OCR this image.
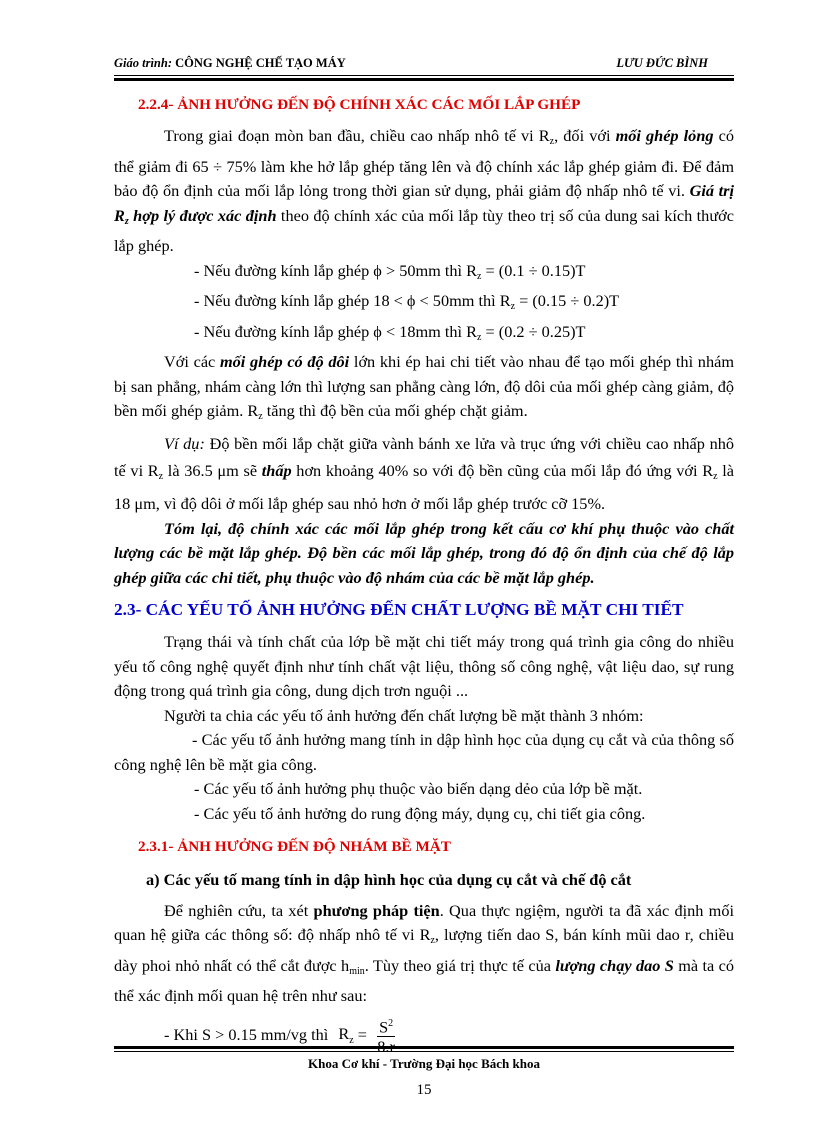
Giáo trình: CÔNG NGHỆ CHẾ TẠO MÁY	LƯU ĐỨC BÌNH
2.2.4- ẢNH HƯỞNG ĐẾN ĐỘ CHÍNH XÁC CÁC MỐI LẮP GHÉP

Trong giai đoạn mòn ban đầu, chiều cao nhấp nhô tế vi $R_z$, đối với mối ghép lỏng có thể giảm đi 65 ÷ 75% làm khe hở lắp ghép tăng lên và độ chính xác lắp ghép giảm đi. Để đảm bảo độ ổn định của mối lắp lỏng trong thời gian sử dụng, phải giảm độ nhấp nhô tế vi. Giá trị $R_z$ hợp lý được xác định theo độ chính xác của mối lắp tùy theo trị số của dung sai kích thước lắp ghép.

- Nếu đường kính lắp ghép ϕ > 50mm thì $R_z = (0.1 \div 0.15)T$

- Nếu đường kính lắp ghép 18 < ϕ < 50mm thì $R_z = (0.15 \div 0.2)T$

- Nếu đường kính lắp ghép ϕ < 18mm thì $R_z = (0.2 \div 0.25)T$

Với các mối ghép có độ dôi lớn khi ép hai chi tiết vào nhau để tạo mối ghép thì nhám bị san phẳng, nhám càng lớn thì lượng san phẳng càng lớn, độ dôi của mối ghép càng giảm, độ bền mối ghép giảm. $R_z$ tăng thì độ bền của mối ghép chặt giảm.

Ví dụ: Độ bền mối lắp chặt giữa vành bánh xe lửa và trục ứng với chiều cao nhấp nhô tế vi $R_z$ là 36.5 μm sẽ thấp hơn khoảng 40% so với độ bền cũng của mối lắp đó ứng với $R_z$ là 18 μm, vì độ dôi ở mối lắp ghép sau nhỏ hơn ở mối lắp ghép trước cỡ 15%.

Tóm lại, độ chính xác các mối lắp ghép trong kết cấu cơ khí phụ thuộc vào chất lượng các bề mặt lắp ghép. Độ bền các mối lắp ghép, trong đó độ ổn định của chế độ lắp ghép giữa các chi tiết, phụ thuộc vào độ nhám của các bề mặt lắp ghép.

2.3- CÁC YẾU TỐ ẢNH HƯỞNG ĐẾN CHẤT LƯỢNG BỀ MẶT CHI TIẾT

Trạng thái và tính chất của lớp bề mặt chi tiết máy trong quá trình gia công do nhiều yếu tố công nghệ quyết định như tính chất vật liệu, thông số công nghệ, vật liệu dao, sự rung động trong quá trình gia công, dung dịch trơn nguội ...

Người ta chia các yếu tố ảnh hưởng đến chất lượng bề mặt thành 3 nhóm:

- Các yếu tố ảnh hưởng mang tính in dập hình học của dụng cụ cắt và của thông số công nghệ lên bề mặt gia công.

- Các yếu tố ảnh hưởng phụ thuộc vào biến dạng dẻo của lớp bề mặt.

- Các yếu tố ảnh hưởng do rung động máy, dụng cụ, chi tiết gia công.

2.3.1- ẢNH HƯỞNG ĐẾN ĐỘ NHÁM BỀ MẶT

a) Các yếu tố mang tính in dập hình học của dụng cụ cắt và chế độ cắt

Để nghiên cứu, ta xét phương pháp tiện. Qua thực ngiệm, người ta đã xác định mối quan hệ giữa các thông số: độ nhấp nhô tế vi $R_z$, lượng tiến dao S, bán kính mũi dao r, chiều dày phoi nhỏ nhất có thể cắt được $h_{min}$. Tùy theo giá trị thực tế của lượng chạy dao S mà ta có thể xác định mối quan hệ trên như sau:

- Khi S > 0.15 mm/vg thì $R_z = S^2$

Khoa Cơ khí - Trường Đại học Bách khoa
15
